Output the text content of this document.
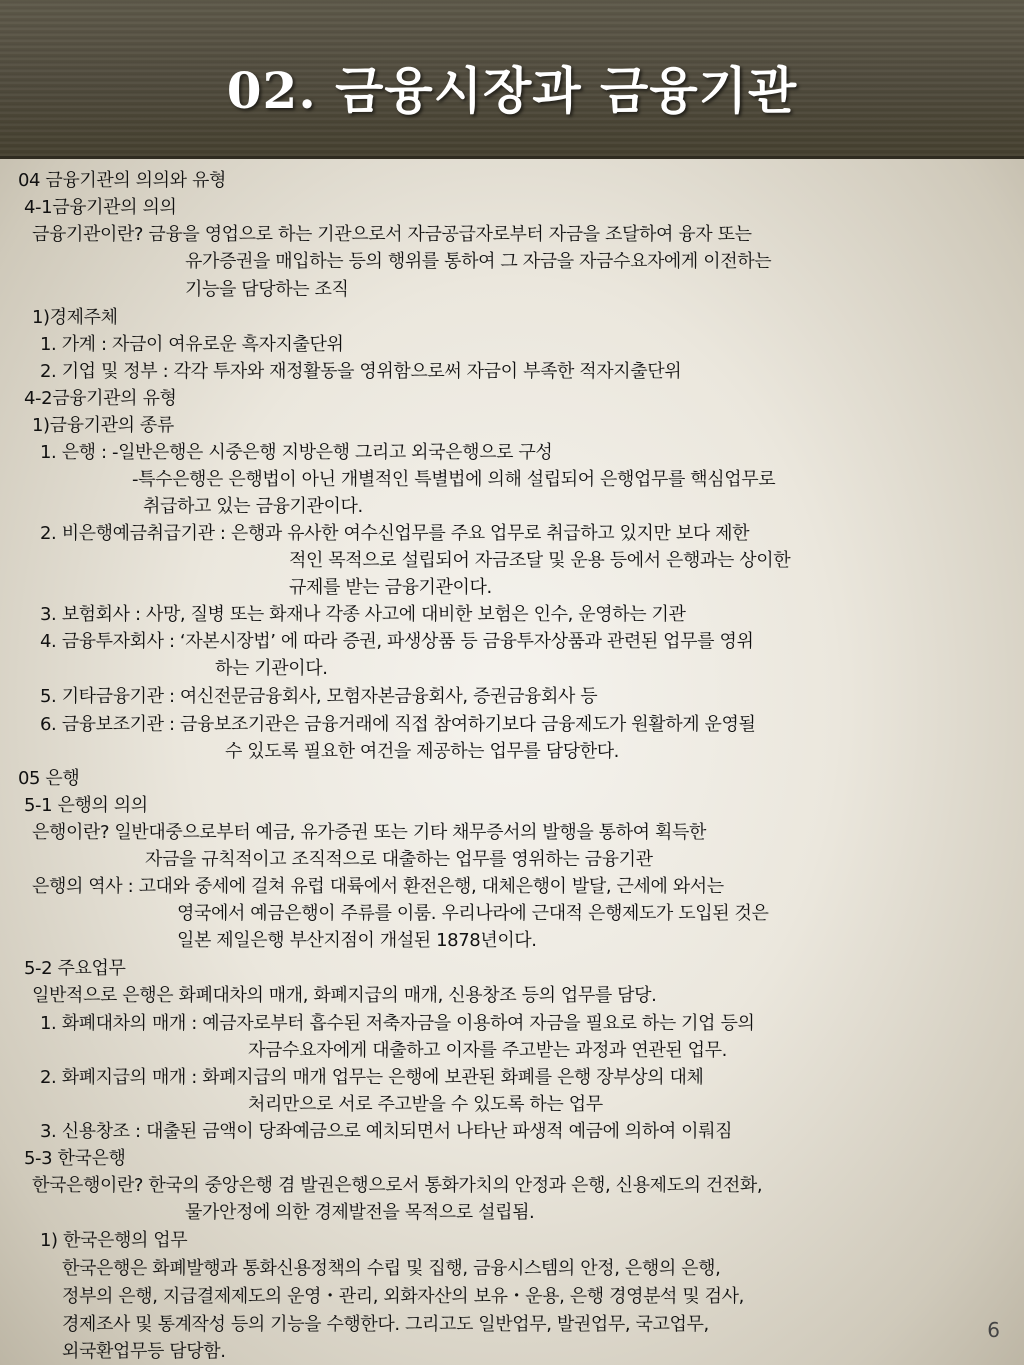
02. 금융시장과 금융기관
04 금융기관의 의의와 유형
4-1금융기관의 의의
금융기관이란? 금융을 영업으로 하는 기관으로서 자금공급자로부터 자금을 조달하여 융자 또는
유가증권을 매입하는 등의 행위를 통하여 그 자금을 자금수요자에게 이전하는
기능을 담당하는 조직
1)경제주체
1. 가계 : 자금이 여유로운 흑자지출단위
2. 기업 및 정부 : 각각 투자와 재정활동을 영위함으로써 자금이 부족한 적자지출단위
4-2금융기관의 유형
1)금융기관의 종류
1. 은행 : -일반은행은 시중은행 지방은행 그리고 외국은행으로 구성
-특수은행은 은행법이 아닌 개별적인 특별법에 의해 설립되어 은행업무를 핵심업무로
취급하고 있는 금융기관이다.
2. 비은행예금취급기관 : 은행과 유사한 여수신업무를 주요 업무로 취급하고 있지만 보다 제한
적인 목적으로 설립되어 자금조달 및 운용 등에서 은행과는 상이한
규제를 받는 금융기관이다.
3. 보험회사 : 사망, 질병 또는 화재나 각종 사고에 대비한 보험은 인수, 운영하는 기관
4. 금융투자회사 : ‘자본시장법’ 에 따라 증권, 파생상품 등 금융투자상품과 관련된 업무를 영위
하는 기관이다.
5. 기타금융기관 : 여신전문금융회사, 모험자본금융회사, 증권금융회사 등
6. 금융보조기관 : 금융보조기관은 금융거래에 직접 참여하기보다 금융제도가 원활하게 운영될
수 있도록 필요한 여건을 제공하는 업무를 담당한다.
05 은행
5-1 은행의 의의
은행이란? 일반대중으로부터 예금, 유가증권 또는 기타 채무증서의 발행을 통하여 획득한
자금을 규칙적이고 조직적으로 대출하는 업무를 영위하는 금융기관
은행의 역사 : 고대와 중세에 걸쳐 유럽 대륙에서 환전은행, 대체은행이 발달, 근세에 와서는
영국에서 예금은행이 주류를 이룸. 우리나라에 근대적 은행제도가 도입된 것은
일본 제일은행 부산지점이 개설된 1878년이다.
5-2 주요업무
일반적으로 은행은 화폐대차의 매개, 화폐지급의 매개, 신용창조 등의 업무를 담당.
1. 화폐대차의 매개 : 예금자로부터 흡수된 저축자금을 이용하여 자금을 필요로 하는 기업 등의
자금수요자에게 대출하고 이자를 주고받는 과정과 연관된 업무.
2. 화폐지급의 매개 : 화폐지급의 매개 업무는 은행에 보관된 화폐를 은행 장부상의 대체
처리만으로 서로 주고받을 수 있도록 하는 업무
3. 신용창조 : 대출된 금액이 당좌예금으로 예치되면서 나타난 파생적 예금에 의하여 이뤄짐
5-3 한국은행
한국은행이란? 한국의 중앙은행 겸 발권은행으로서 통화가치의 안정과 은행, 신용제도의 건전화,
물가안정에 의한 경제발전을 목적으로 설립됨.
1) 한국은행의 업무
한국은행은 화폐발행과 통화신용정책의 수립 및 집행, 금융시스템의 안정, 은행의 은행,
정부의 은행, 지급결제제도의 운영・관리, 외화자산의 보유・운용, 은행 경영분석 및 검사,
경제조사 및 통계작성 등의 기능을 수행한다. 그리고도 일반업무, 발권업무, 국고업무,
외국환업무등 담당함.
6
